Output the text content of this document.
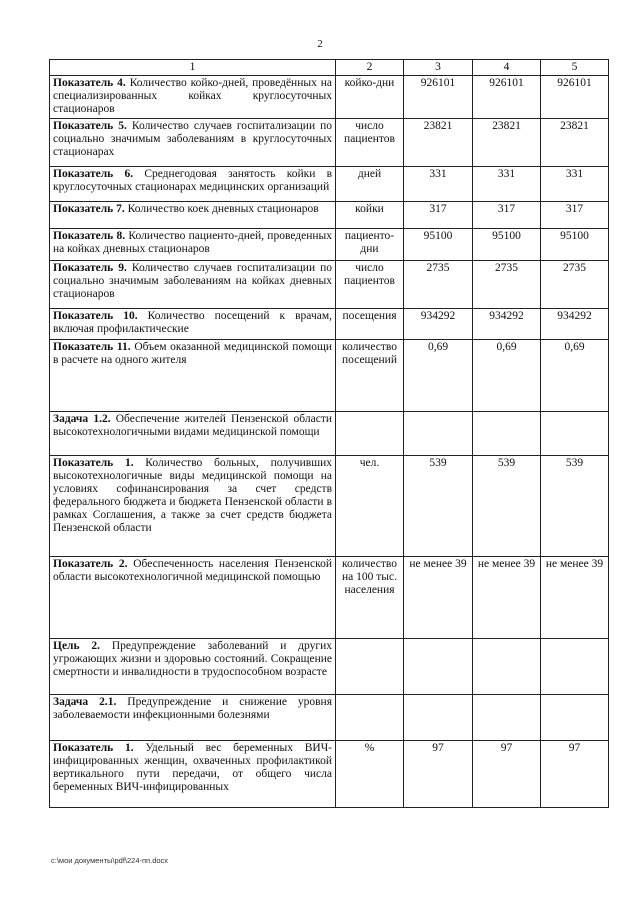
2
1	2	3	4	5
Показатель 4. Количество койко-дней, проведённых на специализированных койках круглосуточных стационаров	койко-дни	926101	926101	926101
Показатель 5. Количество случаев госпитализации по социально значимым заболеваниям в круглосуточных стационарах	число пациентов	23821	23821	23821
Показатель 6. Среднегодовая занятость койки в круглосуточных стационарах медицинских организаций	дней	331	331	331
Показатель 7. Количество коек дневных стационаров	койки	317	317	317
Показатель 8. Количество пациенто-дней, проведенных на койках дневных стационаров	пациенто-дни	95100	95100	95100
Показатель 9. Количество случаев госпитализации по социально значимым заболеваниям на койках дневных стационаров	число пациентов	2735	2735	2735
Показатель 10. Количество посещений к врачам, включая профилактические	посещения	934292	934292	934292
Показатель 11. Объем оказанной медицинской помощи в расчете на одного жителя	количество посещений	0,69	0,69	0,69
Задача 1.2. Обеспечение жителей Пензенской области высокотехнологичными видами медицинской помощи				
Показатель 1. Количество больных, получивших высокотехнологичные виды медицинской помощи на условиях софинансирования за счет средств федерального бюджета и бюджета Пензенской области в рамках Соглашения, а также за счет средств бюджета Пензенской области	чел.	539	539	539
Показатель 2. Обеспеченность населения Пензенской области высокотехнологичной медицинской помощью	количество на 100 тыс. населения	не менее 39	не менее 39	не менее 39
Цель 2. Предупреждение заболеваний и других угрожающих жизни и здоровью состояний. Сокращение смертности и инвалидности в трудоспособном возрасте				
Задача 2.1. Предупреждение и снижение уровня заболеваемости инфекционными болезнями				
Показатель 1. Удельный вес беременных ВИЧ-инфицированных женщин, охваченных профилактикой вертикального пути передачи, от общего числа беременных ВИЧ-инфицированных	%	97	97	97
c:\мои документы\pdf\224-пп.docx
